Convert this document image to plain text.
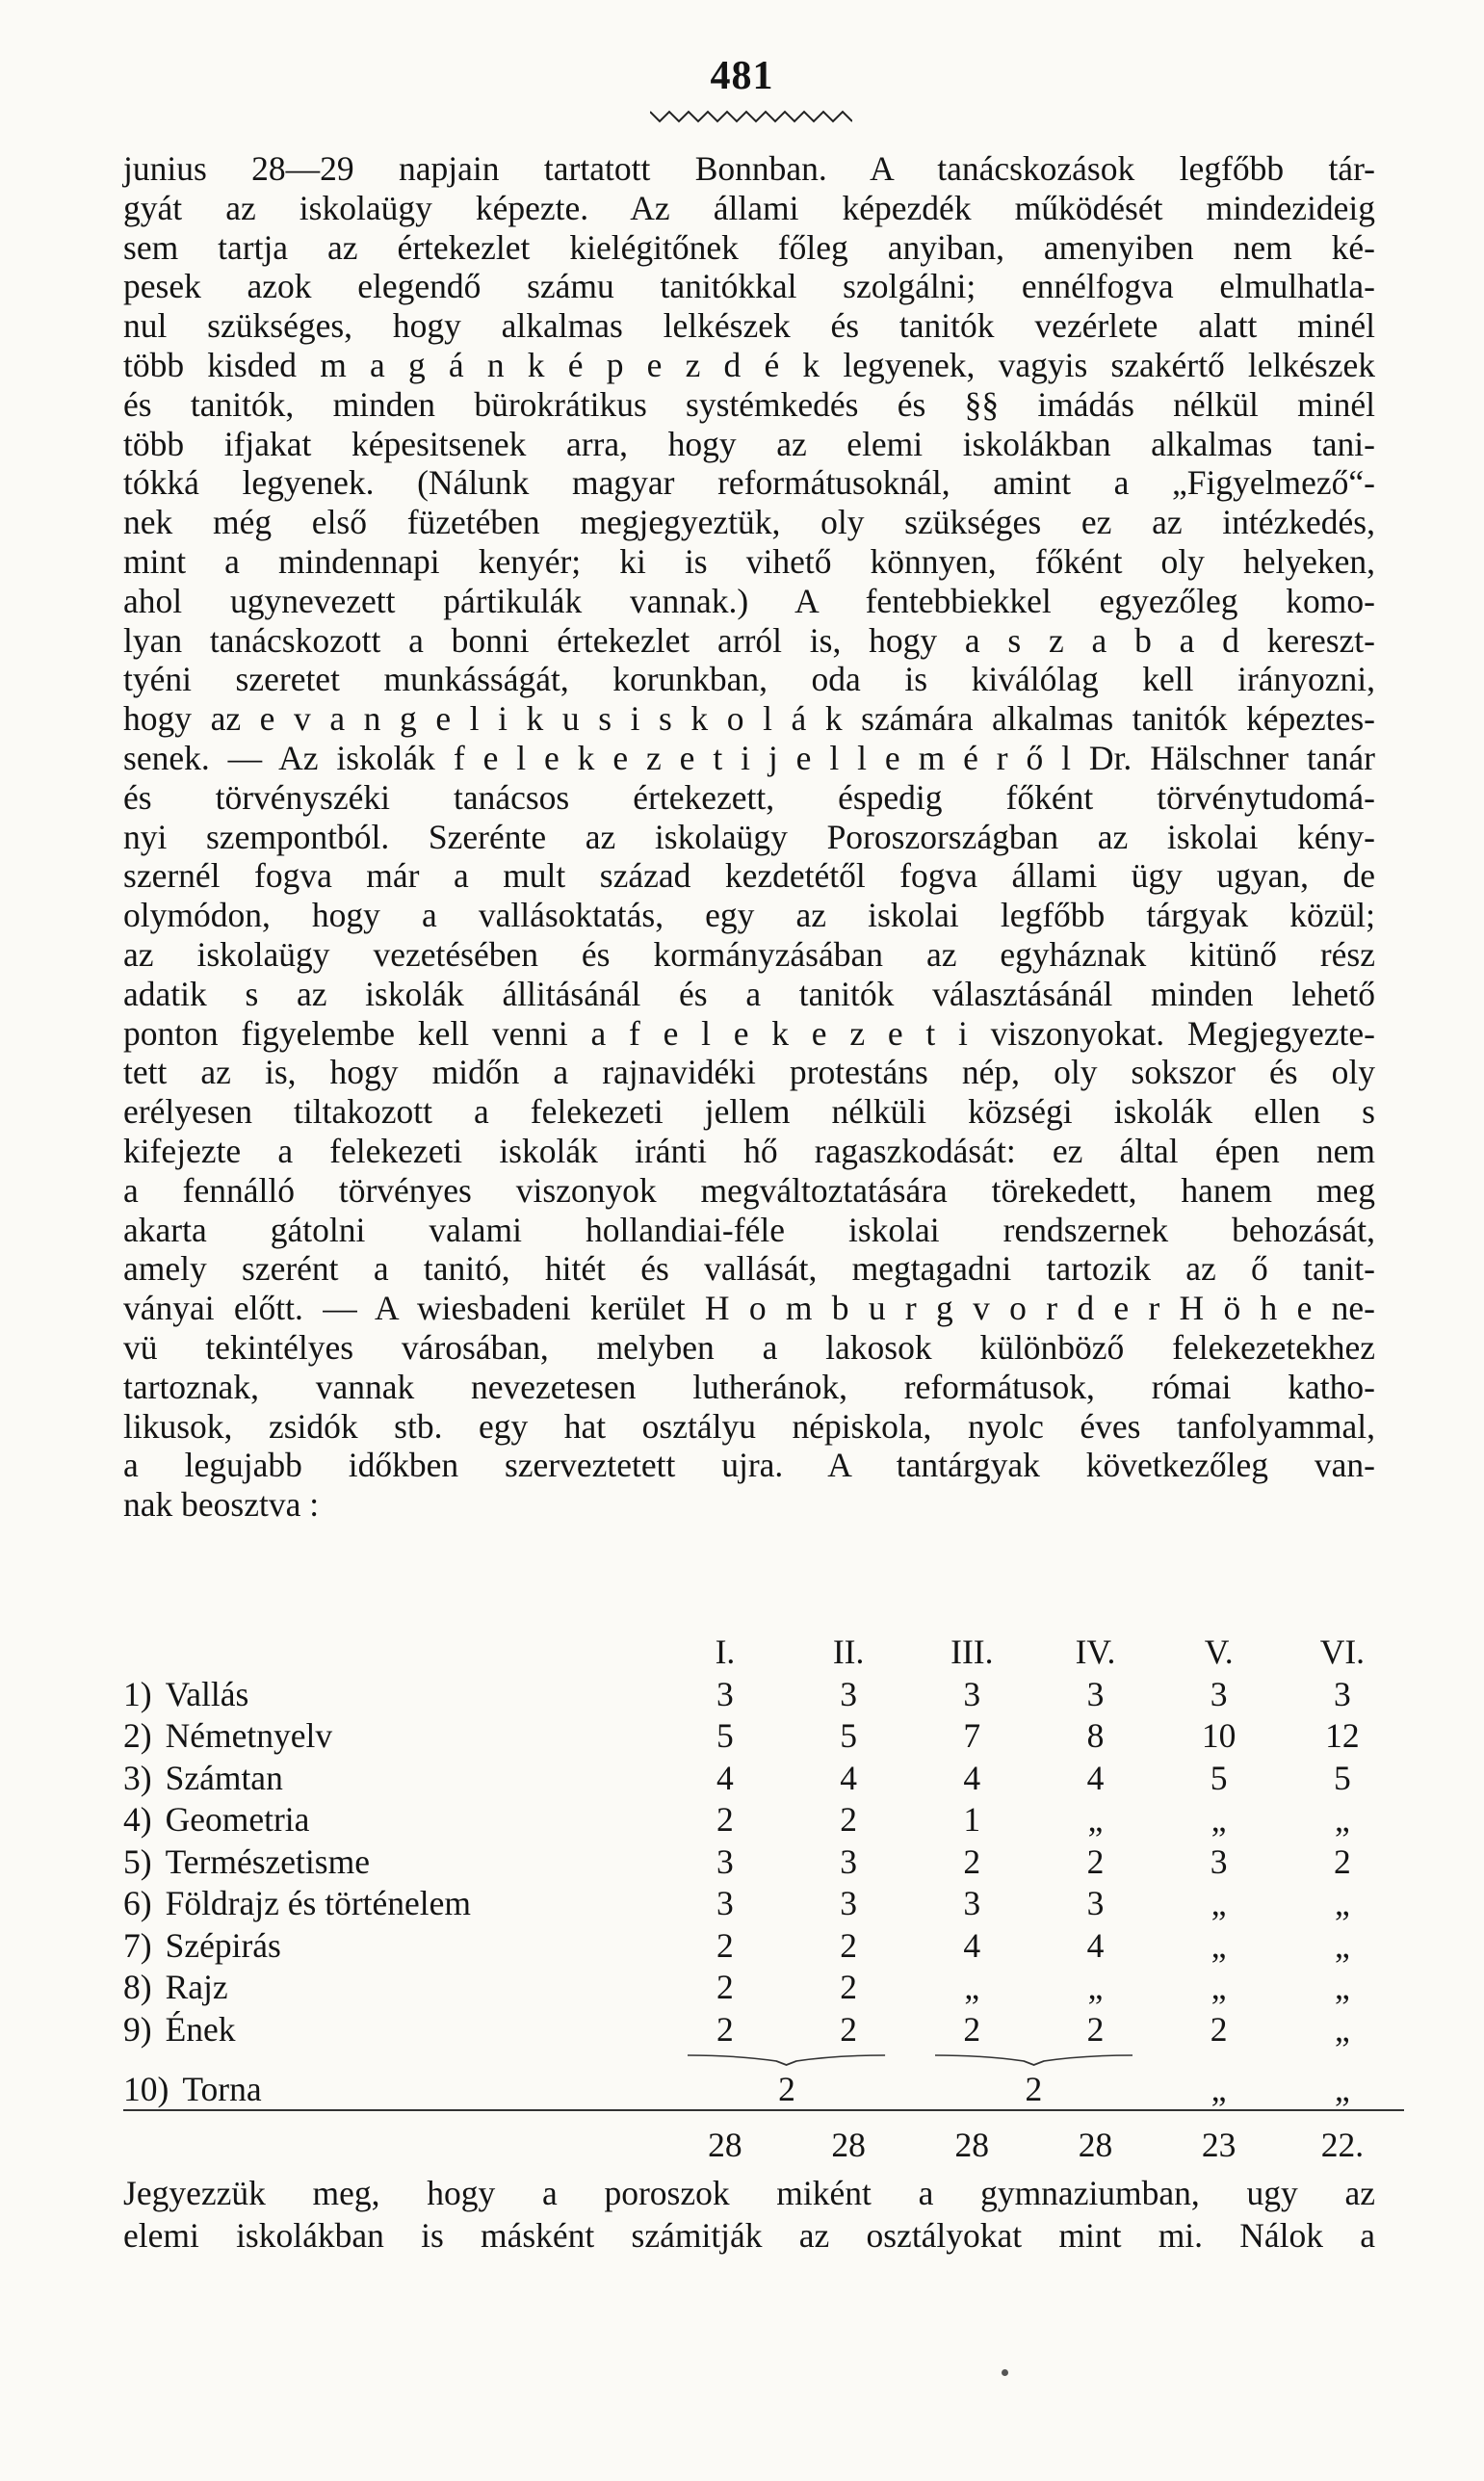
481
junius 28—29 napjain tartatott Bonnban. A tanácskozások legfőbb tár-
gyát az iskolaügy képezte. Az állami képezdék működését mindezideig
sem tartja az értekezlet kielégitőnek főleg anyiban, amenyiben nem ké-
pesek azok elegendő számu tanitókkal szolgálni; ennélfogva elmulhatla-
nul szükséges, hogy alkalmas lelkészek és tanitók vezérlete alatt minél
több kisded m a g á n k é p e z d é k legyenek, vagyis szakértő lelkészek
és tanitók, minden bürokrátikus systémkedés és §§ imádás nélkül minél
több ifjakat képesitsenek arra, hogy az elemi iskolákban alkalmas tani-
tókká legyenek. (Nálunk magyar reformátusoknál, amint a „Figyelmező“-
nek még első füzetében megjegyeztük, oly szükséges ez az intézkedés,
mint a mindennapi kenyér; ki is vihető könnyen, főként oly helyeken,
ahol ugynevezett pártikulák vannak.) A fentebbiekkel egyezőleg komo-
lyan tanácskozott a bonni értekezlet arról is, hogy a s z a b a d kereszt-
tyéni szeretet munkásságát, korunkban, oda is kiválólag kell irányozni,
hogy az e v a n g e l i k u s i s k o l á k számára alkalmas tanitók képeztes-
senek. — Az iskolák f e l e k e z e t i j e l l e m é r ő l Dr. Hälschner tanár
és törvényszéki tanácsos értekezett, éspedig főként törvénytudomá-
nyi szempontból. Szerénte az iskolaügy Poroszországban az iskolai kény-
szernél fogva már a mult század kezdetétől fogva állami ügy ugyan, de
olymódon, hogy a vallásoktatás, egy az iskolai legfőbb tárgyak közül;
az iskolaügy vezetésében és kormányzásában az egyháznak kitünő rész
adatik s az iskolák állitásánál és a tanitók választásánál minden lehető
ponton figyelembe kell venni a f e l e k e z e t i viszonyokat. Megjegyezte-
tett az is, hogy midőn a rajnavidéki protestáns nép, oly sokszor és oly
erélyesen tiltakozott a felekezeti jellem nélküli községi iskolák ellen s
kifejezte a felekezeti iskolák iránti hő ragaszkodását: ez által épen nem
a fennálló törvényes viszonyok megváltoztatására törekedett, hanem meg
akarta gátolni valami hollandiai-féle iskolai rendszernek behozását,
amely szerént a tanitó, hitét és vallását, megtagadni tartozik az ő tanit-
ványai előtt. — A wiesbadeni kerület H o m b u r g v o r d e r H ö h e ne-
vü tekintélyes városában, melyben a lakosok különböző felekezetekhez
tartoznak, vannak nevezetesen lutheránok, reformátusok, római katho-
likusok, zsidók stb. egy hat osztályu népiskola, nyolc éves tanfolyammal,
a legujabb időkben szerveztetett ujra. A tantárgyak következőleg van-
nak beosztva :
	I.	II.	III.	IV.	V.	VI.
1) Vallás	3	3	3	3	3	3
2) Németnyelv	5	5	7	8	10	12
3) Számtan	4	4	4	4	5	5
4) Geometria	2	2	1	„	„	„
5) Természetisme	3	3	2	2	3	2
6) Földrajz és történelem	3	3	3	3	„	„
7) Szépirás	2	2	4	4	„	„
8) Rajz	2	2	„	„	„	„
9) Ének	2	2	2	2	2	„
10) Torna	2		2		„	„
	28	28	28	28	23	22.
Jegyezzük meg, hogy a poroszok miként a gymnaziumban, ugy az
elemi iskolákban is másként számitják az osztályokat mint mi. Nálok a
